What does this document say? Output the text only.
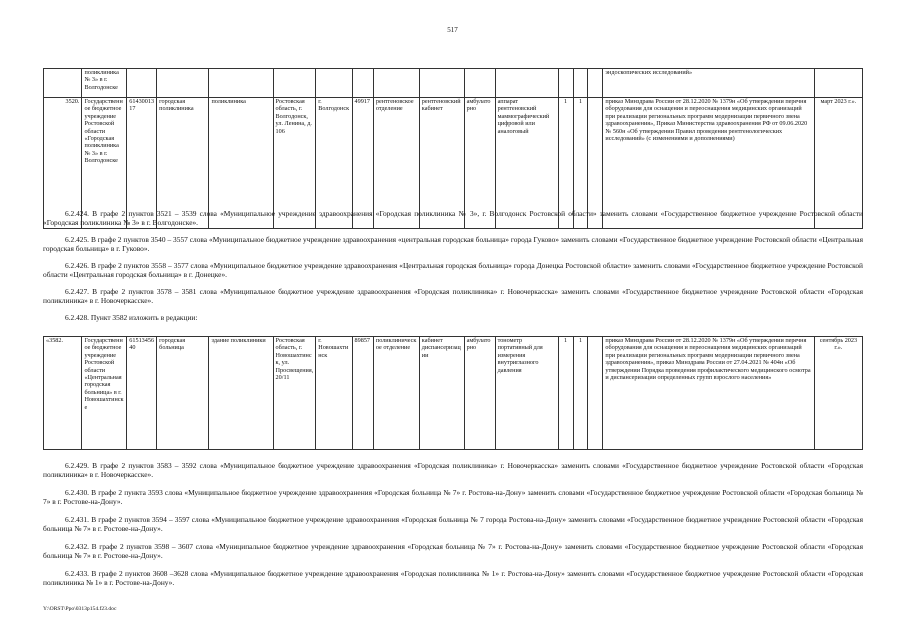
517
	поликлиника № 3» в г. Волгодонске														эндоскопических исследований»	
3520.	Государственное бюджетное учреждение Ростовской области «Городская поликлиника № 3» в г. Волгодонске	6143001317	городская поликлиника	поликлиника	Ростовская область, г. Волгодонск, ул. Ленина, д. 106	г. Волгодонск	49917	рентгеновское отделение	рентгеновский кабинет	амбулаторно	аппарат рентгеновский маммографический цифровой или аналоговый	1	1		приказ Минздрава России от 28.12.2020 № 1379н «Об утверждении перечня оборудования для оснащения и переоснащения медицинских организаций при реализации региональных программ модернизации первичного звена здравоохранения», Приказ Министерства здравоохранения РФ от 09.06.2020 № 560н «Об утверждении Правил проведения рентгенологических исследований» (с изменениями и дополнениями)	март 2023 г.».

6.2.424. В графе 2 пунктов 3521 – 3539 слова «Муниципальное учреждение здравоохранения «Городская поликлиника № 3», г. Волгодонск Ростовской области» заменить словами «Государственное бюджетное учреждение Ростовской области «Городская поликлиника № 3» в г. Волгодонске».

6.2.425. В графе 2 пунктов 3540 – 3557 слова «Муниципальное бюджетное учреждение здравоохранения «центральная городская больница» города Гуково» заменить словами «Государственное бюджетное учреждение Ростовской области «Центральная городская больница» в г. Гуково».

6.2.426. В графе 2 пунктов 3558 – 3577 слова «Муниципальное бюджетное учреждение здравоохранения «Центральная городская больница» города Донецка Ростовской области» заменить словами «Государственное бюджетное учреждение Ростовской области «Центральная городская больница» в г. Донецке».

6.2.427. В графе 2 пунктов 3578 – 3581 слова «Муниципальное бюджетное учреждение здравоохранения «Городская поликлиника» г. Новочеркасска» заменить словами «Государственное бюджетное учреждение Ростовской области «Городская поликлиника» в г. Новочеркасске».

6.2.428. Пункт 3582 изложить в редакции:

«3582.	Государственное бюджетное учреждение Ростовской области «Центральная городская больница» в г. Новошахтинске	6151345640	городская больница	здание поликлиники	Ростовская область, г. Новошахтинск, ул. Просвещения, 20/11	г. Новошахтинск	89857	поликлиническое отделение	кабинет диспансеризации	амбулаторно	тонометр портативный для измерения внутриглазного давления	1	1		приказ Минздрава России от 28.12.2020 № 1379н «Об утверждении перечня оборудования для оснащения и переоснащения медицинских организаций при реализации региональных программ модернизации первичного звена здравоохранения», приказ Минздрава России от 27.04.2021 № 404н «Об утверждении Порядка проведения профилактического медицинского осмотра и диспансеризации определенных групп взрослого населения»	сентябрь 2023 г.».

6.2.429. В графе 2 пунктов 3583 – 3592 слова «Муниципальное бюджетное учреждение здравоохранения «Городская поликлиника» г. Новочеркасска» заменить словами «Государственное бюджетное учреждение Ростовской области «Городская поликлиника» в г. Новочеркасске».

6.2.430. В графе 2 пункта 3593 слова «Муниципальное бюджетное учреждение здравоохранения «Городская больница № 7» г. Ростова-на-Дону» заменить словами «Государственное бюджетное учреждение Ростовской области «Городская больница № 7» в г. Ростове-на-Дону».

6.2.431. В графе 2 пунктов 3594 – 3597 слова «Муниципальное бюджетное учреждение здравоохранения «Городская больница № 7 города Ростова-на-Дону» заменить словами «Государственное бюджетное учреждение Ростовской области «Городская больница № 7» в г. Ростове-на-Дону».

6.2.432. В графе 2 пунктов 3598 – 3607 слова «Муниципальное бюджетное учреждение здравоохранения «Городская больница № 7» г. Ростова-на-Дону» заменить словами «Государственное бюджетное учреждение Ростовской области «Городская больница № 7» в г. Ростове-на-Дону».

6.2.433. В графе 2 пунктов 3608 –3628 слова «Муниципальное бюджетное учреждение здравоохранения «Городская поликлиника № 1» г. Ростова-на-Дону» заменить словами «Государственное бюджетное учреждение Ростовской области «Городская поликлиника № 1» в г. Ростове-на-Дону».

Y:\ORST\Ppo\0313p154.f23.doc
